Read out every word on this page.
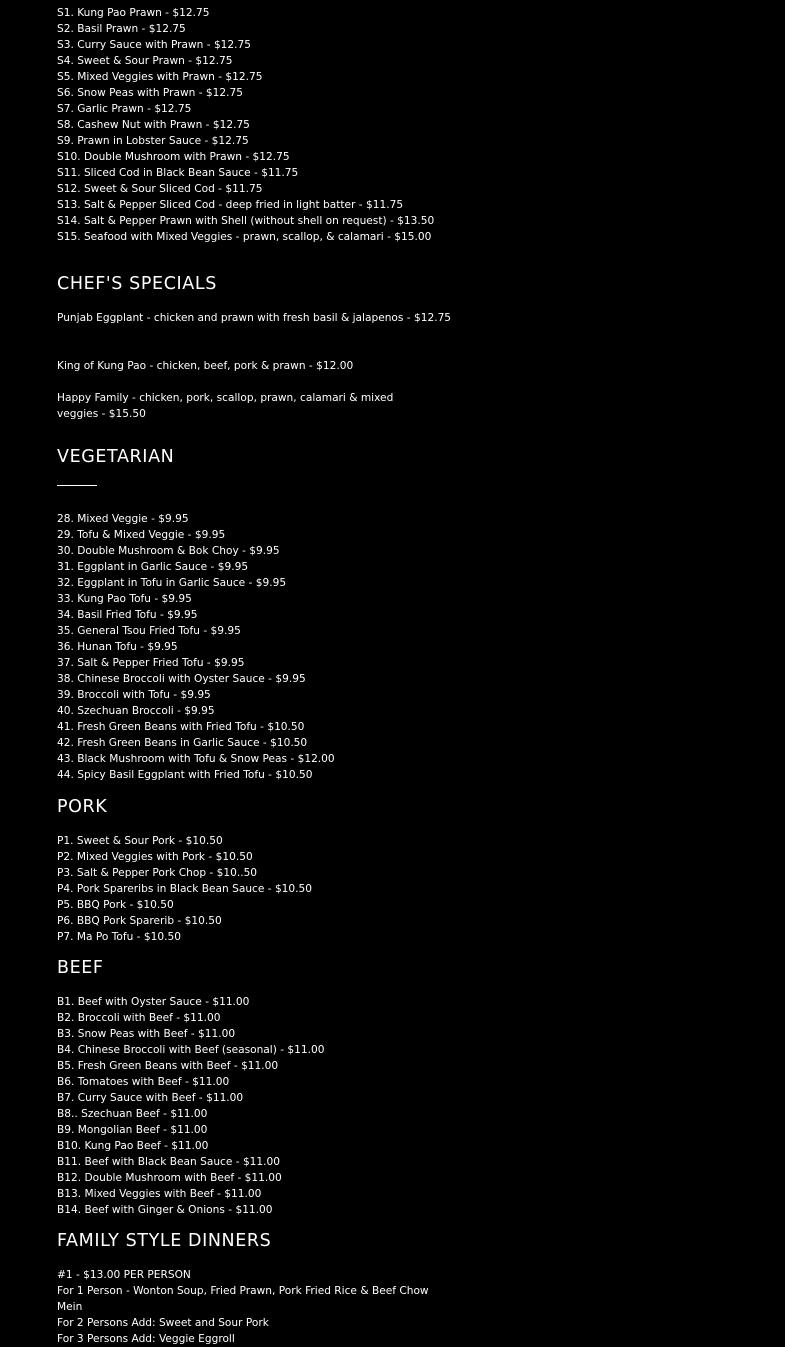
S1. Kung Pao Prawn - $12.75
S2. Basil Prawn - $12.75
S3. Curry Sauce with Prawn - $12.75
S4. Sweet & Sour Prawn - $12.75
S5. Mixed Veggies with Prawn - $12.75
S6. Snow Peas with Prawn - $12.75
S7. Garlic Prawn - $12.75
S8. Cashew Nut with Prawn - $12.75
S9. Prawn in Lobster Sauce - $12.75
S10. Double Mushroom with Prawn - $12.75
S11. Sliced Cod in Black Bean Sauce - $11.75
S12. Sweet & Sour Sliced Cod - $11.75
S13. Salt & Pepper Sliced Cod - deep fried in light batter - $11.75
S14. Salt & Pepper Prawn with Shell (without shell on request) - $13.50
S15. Seafood with Mixed Veggies - prawn, scallop, & calamari - $15.00
CHEF'S SPECIALS
Punjab Eggplant - chicken and prawn with fresh basil & jalapenos - $12.75
King of Kung Pao - chicken, beef, pork & prawn - $12.00
Happy Family - chicken, pork, scallop, prawn, calamari & mixed veggies - $15.50
VEGETARIAN
28. Mixed Veggie - $9.95
29. Tofu & Mixed Veggie - $9.95
30. Double Mushroom & Bok Choy - $9.95
31. Eggplant in Garlic Sauce - $9.95
32. Eggplant in Tofu in Garlic Sauce - $9.95
33. Kung Pao Tofu - $9.95
34. Basil Fried Tofu - $9.95
35. General Tsou Fried Tofu - $9.95
36. Hunan Tofu - $9.95
37. Salt & Pepper Fried Tofu - $9.95
38. Chinese Broccoli with Oyster Sauce - $9.95
39. Broccoli with Tofu - $9.95
40. Szechuan Broccoli - $9.95
41. Fresh Green Beans with Fried Tofu - $10.50
42. Fresh Green Beans in Garlic Sauce - $10.50
43. Black Mushroom with Tofu & Snow Peas - $12.00
44. Spicy Basil Eggplant with Fried Tofu - $10.50
PORK
P1. Sweet & Sour Pork - $10.50
P2. Mixed Veggies with Pork - $10.50
P3. Salt & Pepper Pork Chop - $10..50
P4. Pork Spareribs in Black Bean Sauce - $10.50
P5. BBQ Pork - $10.50
P6. BBQ Pork Sparerib - $10.50
P7. Ma Po Tofu - $10.50
BEEF
B1. Beef with Oyster Sauce - $11.00
B2. Broccoli with Beef - $11.00
B3. Snow Peas with Beef - $11.00
B4. Chinese Broccoli with Beef (seasonal) - $11.00
B5. Fresh Green Beans with Beef - $11.00
B6. Tomatoes with Beef - $11.00
B7. Curry Sauce with Beef - $11.00
B8.. Szechuan Beef - $11.00
B9. Mongolian Beef - $11.00
B10. Kung Pao Beef - $11.00
B11. Beef with Black Bean Sauce - $11.00
B12. Double Mushroom with Beef - $11.00
B13. Mixed Veggies with Beef - $11.00
B14. Beef with Ginger & Onions - $11.00
FAMILY STYLE DINNERS
#1 - $13.00 PER PERSON
For 1 Person - Wonton Soup, Fried Prawn, Pork Fried Rice & Beef Chow Mein
For 2 Persons Add: Sweet and Sour Pork
For 3 Persons Add: Veggie Eggroll
